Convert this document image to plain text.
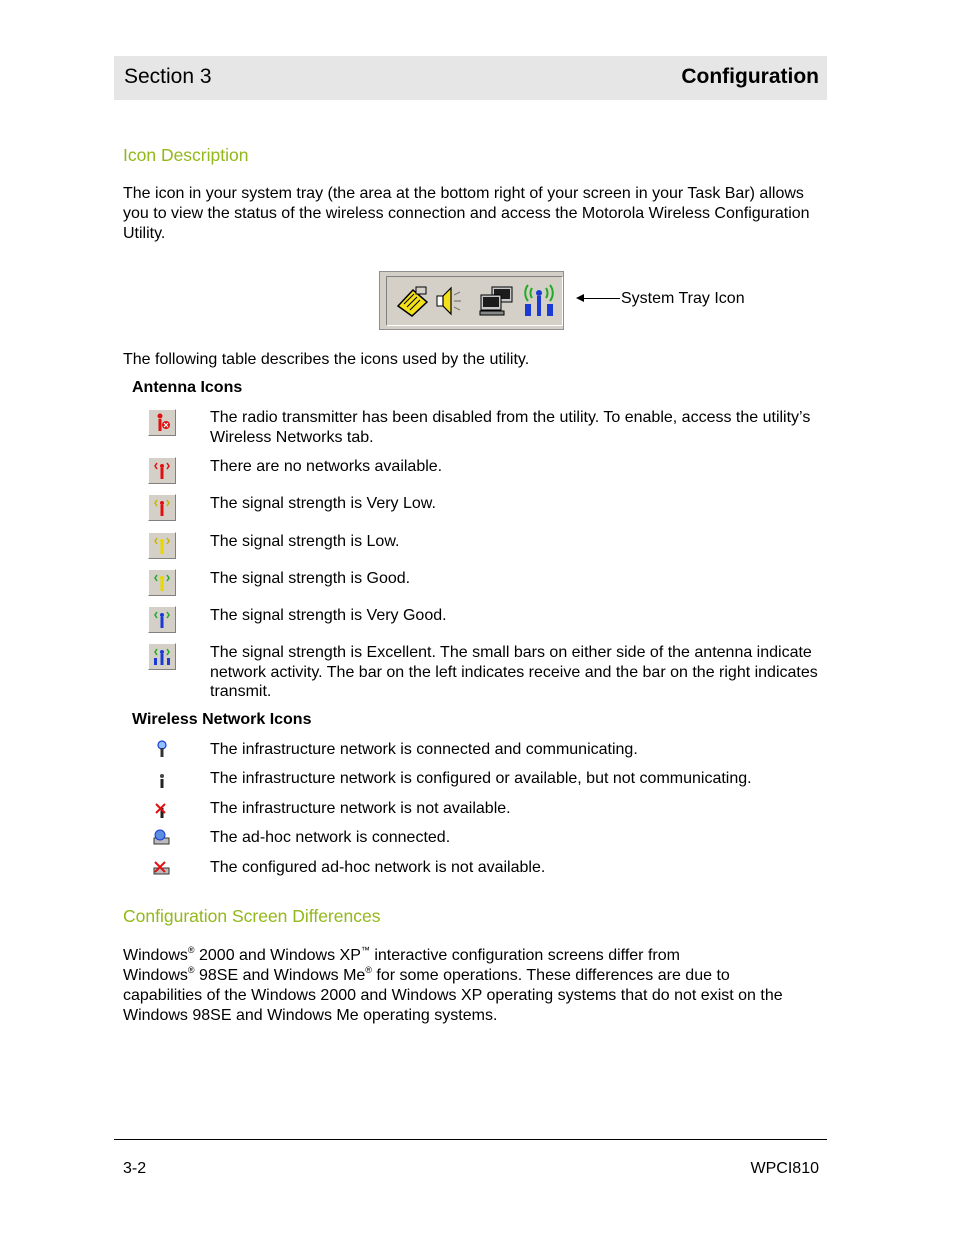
Section 3	Configuration
Icon Description
The icon in your system tray (the area at the bottom right of your screen in your Task Bar) allows you to view the status of the wireless connection and access the Motorola Wireless Configuration Utility.
System Tray Icon
The following table describes the icons used by the utility.
Antenna Icons
The radio transmitter has been disabled from the utility. To enable, access the utility’s Wireless Networks tab.
There are no networks available.
The signal strength is Very Low.
The signal strength is Low.
The signal strength is Good.
The signal strength is Very Good.
The signal strength is Excellent. The small bars on either side of the antenna indicate network activity. The bar on the left indicates receive and the bar on the right indicates transmit.
Wireless Network Icons
The infrastructure network is connected and communicating.
The infrastructure network is configured or available, but not communicating.
The infrastructure network is not available.
The ad-hoc network is connected.
The configured ad-hoc network is not available.
Configuration Screen Differences
Windows® 2000 and Windows XP™ interactive configuration screens differ from
Windows® 98SE and Windows Me® for some operations. These differences are due to capabilities of the Windows 2000 and Windows XP operating systems that do not exist on the Windows 98SE and Windows Me operating systems.
3-2	WPCI810
